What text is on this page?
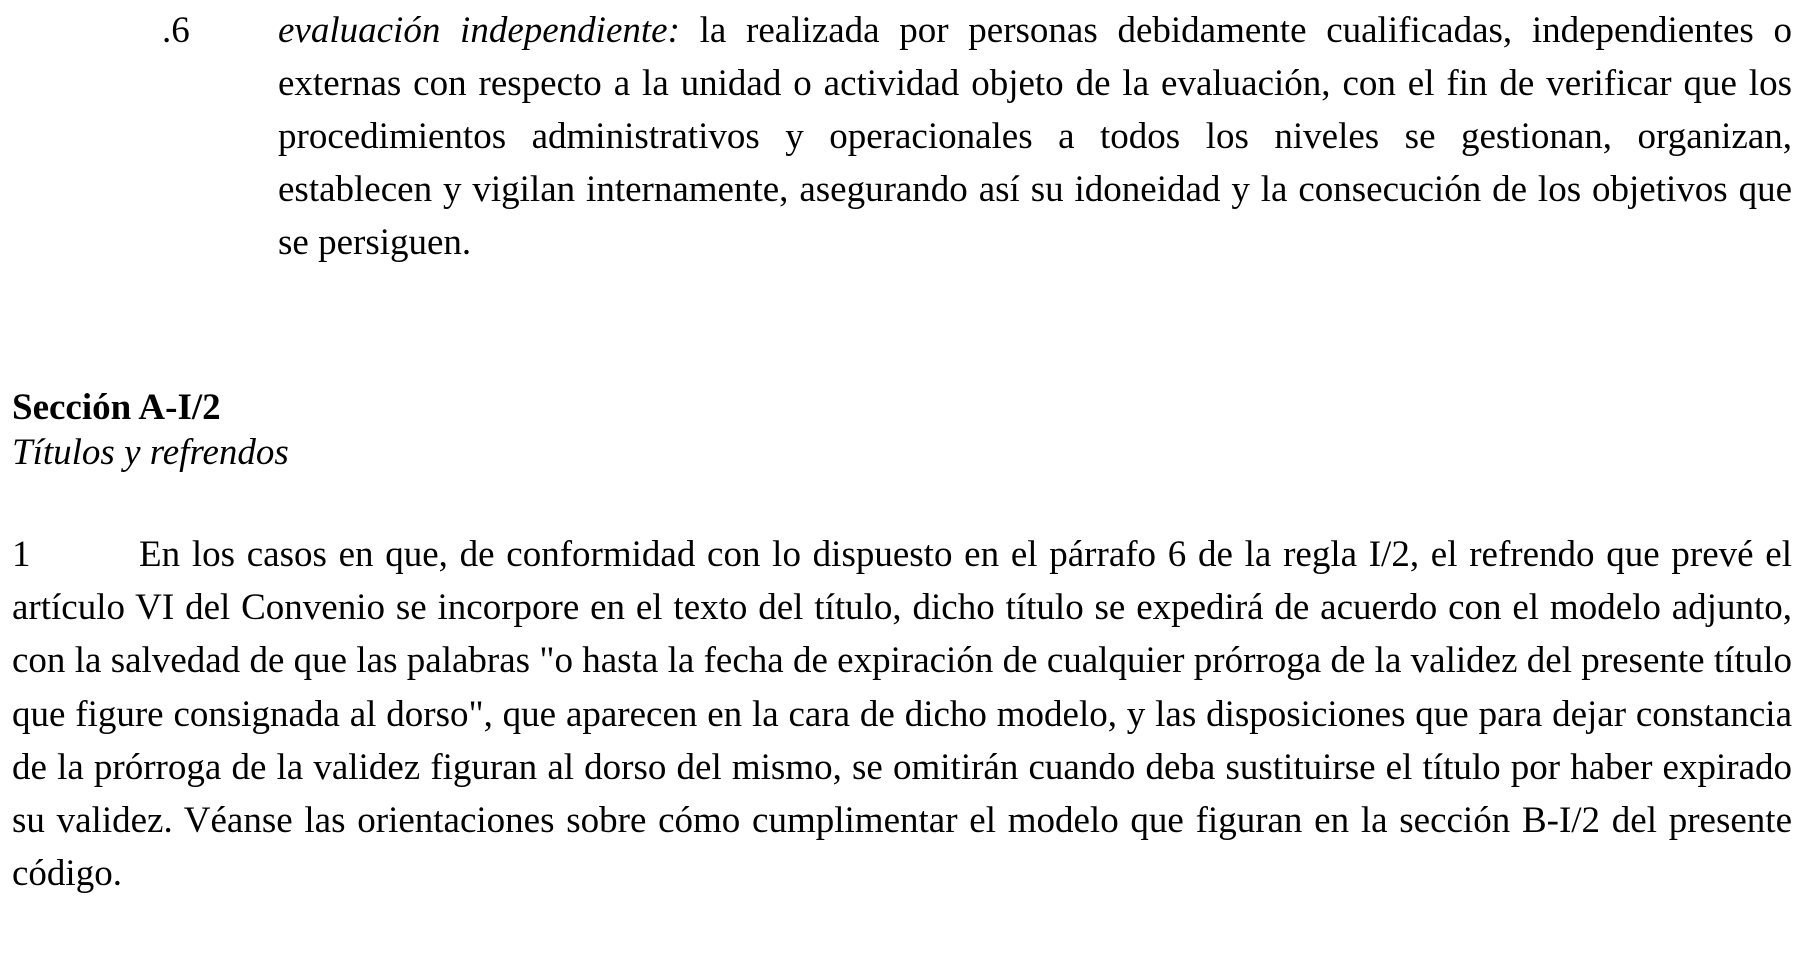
.6	evaluación independiente: la realizada por personas debidamente cualificadas, independientes o externas con respecto a la unidad o actividad objeto de la evaluación, con el fin de verificar que los procedimientos administrativos y operacionales a todos los niveles se gestionan, organizan, establecen y vigilan internamente, asegurando así su idoneidad y la consecución de los objetivos que se persiguen.
Sección A-I/2
Títulos y refrendos

1	En los casos en que, de conformidad con lo dispuesto en el párrafo 6 de la regla I/2, el refrendo que prevé el artículo VI del Convenio se incorpore en el texto del título, dicho título se expedirá de acuerdo con el modelo adjunto, con la salvedad de que las palabras "o hasta la fecha de expiración de cualquier prórroga de la validez del presente título que figure consignada al dorso", que aparecen en la cara de dicho modelo, y las disposiciones que para dejar constancia de la prórroga de la validez figuran al dorso del mismo, se omitirán cuando deba sustituirse el título por haber expirado su validez. Véanse las orientaciones sobre cómo cumplimentar el modelo que figuran en la sección B-I/2 del presente código.
